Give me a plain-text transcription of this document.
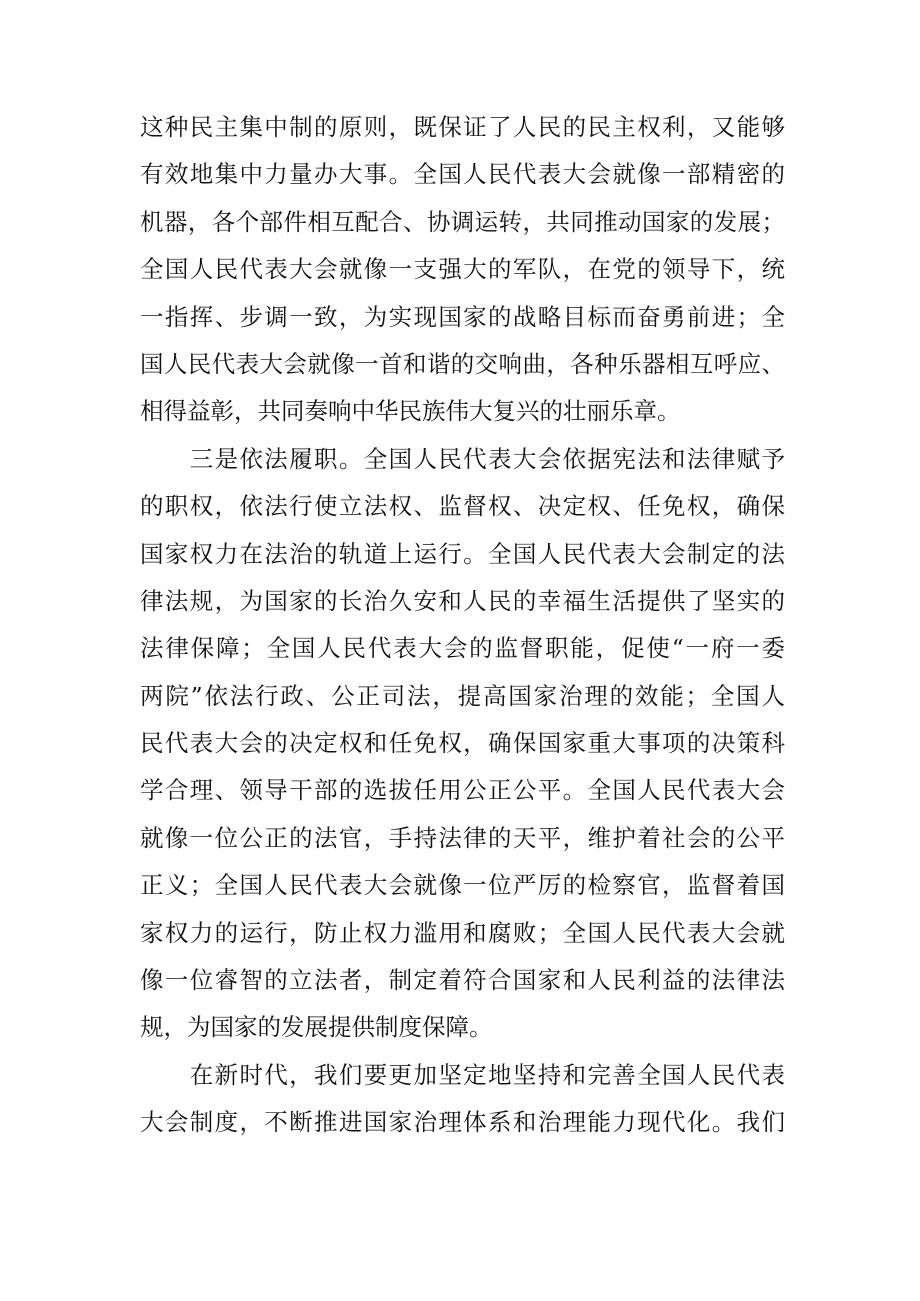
这种民主集中制的原则，既保证了人民的民主权利，又能够
有效地集中力量办大事。全国人民代表大会就像一部精密的
机器，各个部件相互配合、协调运转，共同推动国家的发展；
全国人民代表大会就像一支强大的军队，在党的领导下，统
一指挥、步调一致，为实现国家的战略目标而奋勇前进；全
国人民代表大会就像一首和谐的交响曲，各种乐器相互呼应、
相得益彰，共同奏响中华民族伟大复兴的壮丽乐章。
　　三是依法履职。全国人民代表大会依据宪法和法律赋予
的职权，依法行使立法权、监督权、决定权、任免权，确保
国家权力在法治的轨道上运行。全国人民代表大会制定的法
律法规，为国家的长治久安和人民的幸福生活提供了坚实的
法律保障；全国人民代表大会的监督职能，促使“一府一委
两院”依法行政、公正司法，提高国家治理的效能；全国人
民代表大会的决定权和任免权，确保国家重大事项的决策科
学合理、领导干部的选拔任用公正公平。全国人民代表大会
就像一位公正的法官，手持法律的天平，维护着社会的公平
正义；全国人民代表大会就像一位严厉的检察官，监督着国
家权力的运行，防止权力滥用和腐败；全国人民代表大会就
像一位睿智的立法者，制定着符合国家和人民利益的法律法
规，为国家的发展提供制度保障。
　　在新时代，我们要更加坚定地坚持和完善全国人民代表
大会制度，不断推进国家治理体系和治理能力现代化。我们
